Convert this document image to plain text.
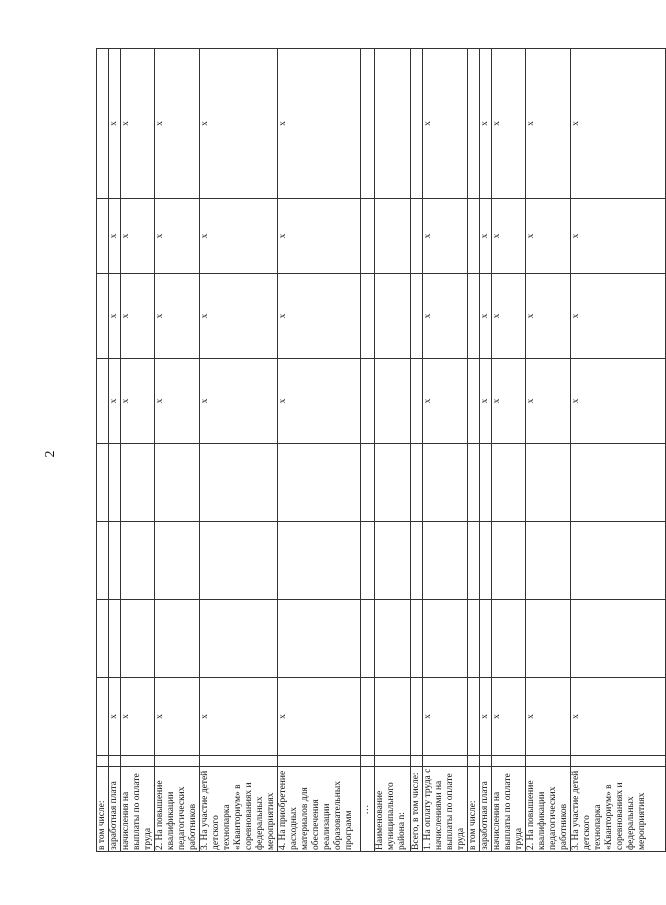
2
в том числе:									
заработная плата		x				x	x	x	x
начисления на выплаты по оплате труда		x				x	x	x	x
2. На повышение квалификации педагогических работников		x				x	x	x	x
3. На участие детей детского технопарка «Кванториум» в соревнованиях и федеральных мероприятиях		x				x	x	x	x
4. На приобретение расходных материалов для обеспечения реализации образовательных программ		x				x	x	x	x
...									
Наименование муниципального района n:									
Всего, в том числе:									
1. На оплату труда с начислениями на выплаты по оплате труда		x				x	x	x	x
в том числе:									
заработная плата		x				x	x	x	x
начисления на выплаты по оплате труда		x				x	x	x	x
2. На повышение квалификации педагогических работников		x				x	x	x	x
3. На участие детей детского технопарка «Кванториум» в соревнованиях и федеральных мероприятиях		x				x	x	x	x
